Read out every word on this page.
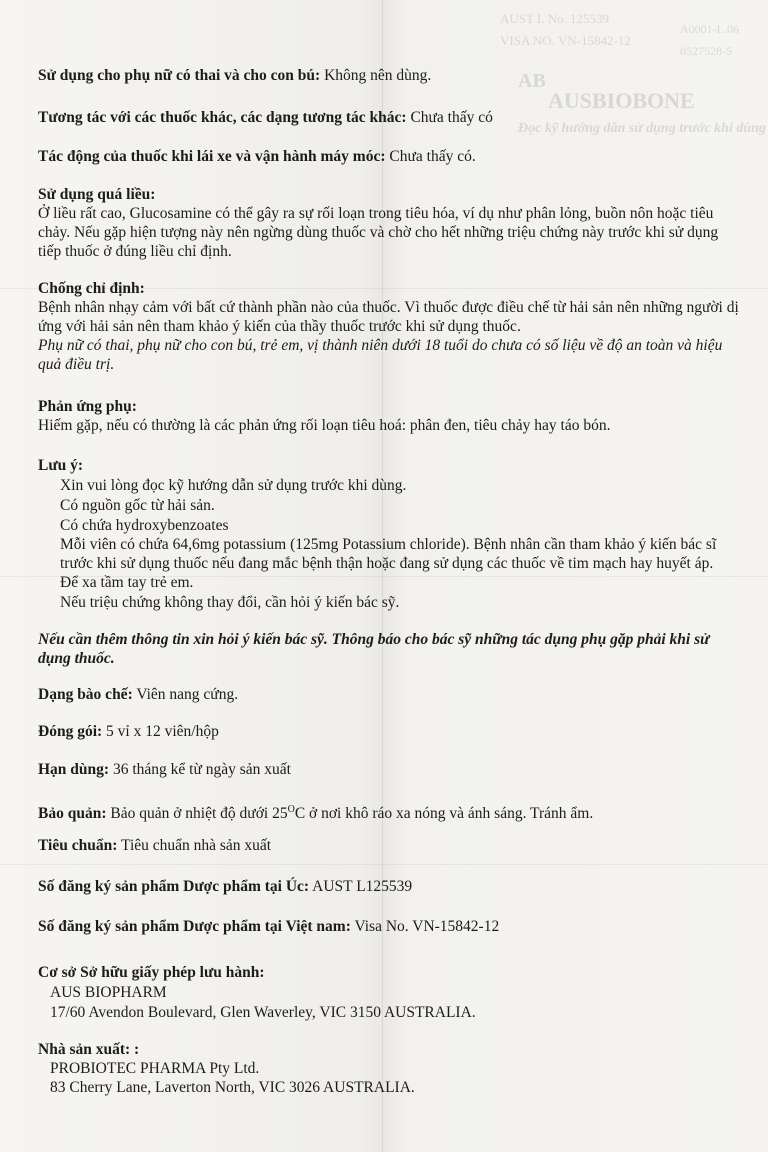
AUST L No. 125539
VISA NO. VN-15842-12
A0001-L.06
0527528-5
AB
AUSBIOBONE
Đọc kỹ hướng dẫn sử dụng trước khi dùng
Sử dụng cho phụ nữ có thai và cho con bú: Không nên dùng.
Tương tác với các thuốc khác, các dạng tương tác khác: Chưa thấy có
Tác động của thuốc khi lái xe và vận hành máy móc: Chưa thấy có.
Sử dụng quá liều:
Ở liều rất cao, Glucosamine có thể gây ra sự rối loạn trong tiêu hóa, ví dụ như phân lỏng, buồn nôn hoặc tiêu
chảy. Nếu gặp hiện tượng này nên ngừng dùng thuốc và chờ cho hết những triệu chứng này trước khi sử dụng
tiếp thuốc ở đúng liều chỉ định.
Chống chỉ định:
Bệnh nhân nhạy cảm với bất cứ thành phần nào của thuốc. Vì thuốc được điều chế từ hải sản nên những người dị
ứng với hải sản nên tham khảo ý kiến của thầy thuốc trước khi sử dụng thuốc.
Phụ nữ có thai, phụ nữ cho con bú, trẻ em, vị thành niên dưới 18 tuổi do chưa có số liệu về độ an toàn và hiệu
quả điều trị.
Phản ứng phụ:
Hiếm gặp, nếu có thường là các phản ứng rối loạn tiêu hoá: phân đen, tiêu chảy hay táo bón.
Lưu ý:
Xin vui lòng đọc kỹ hướng dẫn sử dụng trước khi dùng.
Có nguồn gốc từ hải sản.
Có chứa hydroxybenzoates
Mỗi viên có chứa 64,6mg potassium (125mg Potassium chloride). Bệnh nhân cần tham khảo ý kiến bác sĩ
trước khi sử dụng thuốc nếu đang mắc bệnh thận hoặc đang sử dụng các thuốc về tim mạch hay huyết áp.
Để xa tầm tay trẻ em.
Nếu triệu chứng không thay đổi, cần hỏi ý kiến bác sỹ.
Nếu cần thêm thông tin xin hỏi ý kiến bác sỹ. Thông báo cho bác sỹ những tác dụng phụ gặp phải khi sử
dụng thuốc.
Dạng bào chế: Viên nang cứng.
Đóng gói: 5 vỉ x 12 viên/hộp
Hạn dùng: 36 tháng kể từ ngày sản xuất
Bảo quản: Bảo quản ở nhiệt độ dưới $25^OC$ ở nơi khô ráo xa nóng và ánh sáng. Tránh ẩm.
Tiêu chuẩn: Tiêu chuẩn nhà sản xuất
Số đăng ký sản phẩm Dược phẩm tại Úc: AUST L125539
Số đăng ký sản phẩm Dược phẩm tại Việt nam: Visa No. VN-15842-12
Cơ sở Sở hữu giấy phép lưu hành:
AUS BIOPHARM
17/60 Avendon Boulevard, Glen Waverley, VIC 3150 AUSTRALIA.
Nhà sản xuất: :
PROBIOTEC PHARMA Pty Ltd.
83 Cherry Lane, Laverton North, VIC 3026 AUSTRALIA.
